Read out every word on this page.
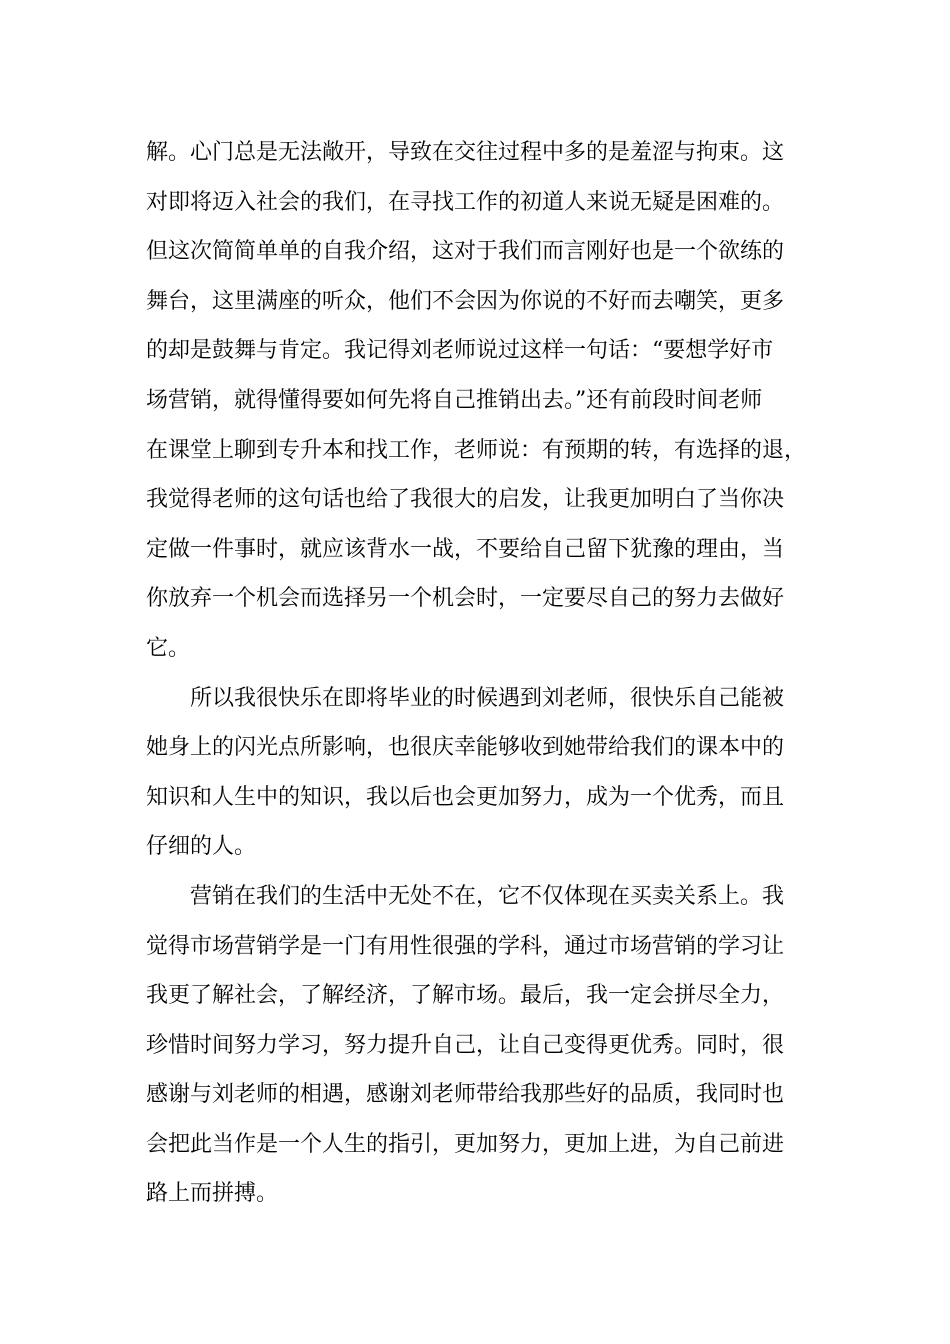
解。心门总是无法敞开，导致在交往过程中多的是羞涩与拘束。这
对即将迈入社会的我们，在寻找工作的初道人来说无疑是困难的。
但这次简简单单的自我介绍，这对于我们而言刚好也是一个欲练的
舞台，这里满座的听众，他们不会因为你说的不好而去嘲笑，更多
的却是鼓舞与肯定。我记得刘老师说过这样一句话：“要想学好市
场营销，就得懂得要如何先将自己推销出去。”还有前段时间老师
在课堂上聊到专升本和找工作，老师说：有预期的转，有选择的退，
我觉得老师的这句话也给了我很大的启发，让我更加明白了当你决
定做一件事时，就应该背水一战，不要给自己留下犹豫的理由，当
你放弃一个机会而选择另一个机会时，一定要尽自己的努力去做好
它。
所以我很快乐在即将毕业的时候遇到刘老师，很快乐自己能被
她身上的闪光点所影响，也很庆幸能够收到她带给我们的课本中的
知识和人生中的知识，我以后也会更加努力，成为一个优秀，而且
仔细的人。
营销在我们的生活中无处不在，它不仅体现在买卖关系上。我
觉得市场营销学是一门有用性很强的学科，通过市场营销的学习让
我更了解社会，了解经济，了解市场。最后，我一定会拼尽全力，
珍惜时间努力学习，努力提升自己，让自己变得更优秀。同时，很
感谢与刘老师的相遇，感谢刘老师带给我那些好的品质，我同时也
会把此当作是一个人生的指引，更加努力，更加上进，为自己前进
路上而拼搏。
